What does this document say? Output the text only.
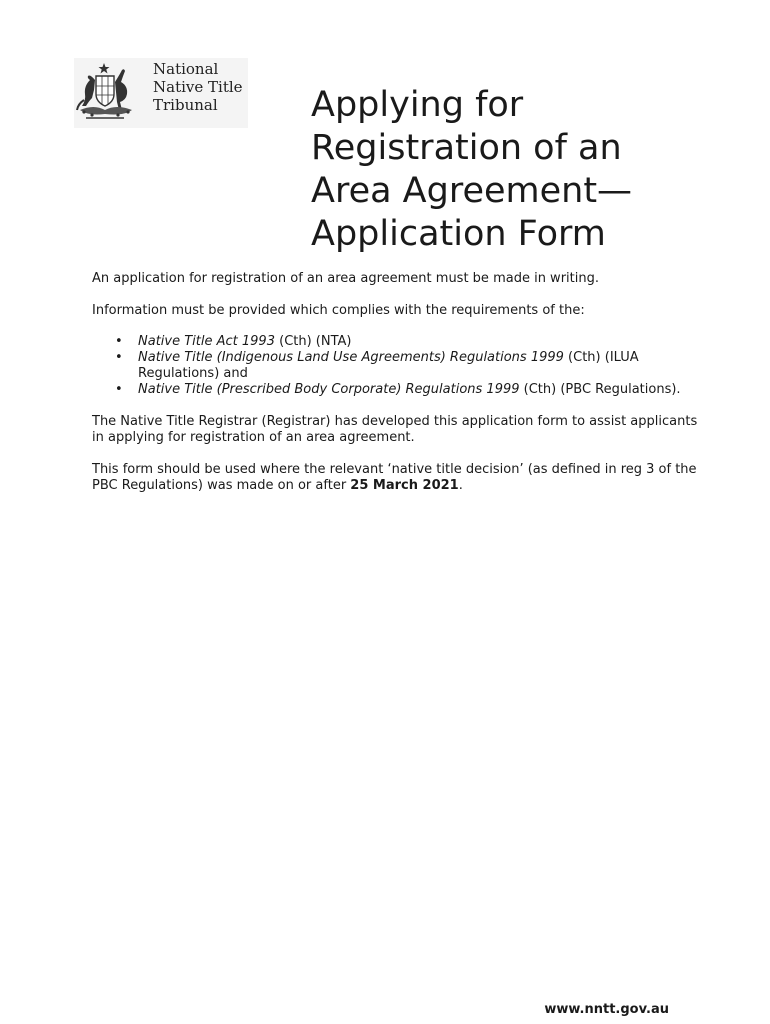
National
Native Title
Tribunal	Applying for
Registration of an
Area Agreement—
Application Form

An application for registration of an area agreement must be made in writing.

Information must be provided which complies with the requirements of the:

• Native Title Act 1993 (Cth) (NTA)
• Native Title (Indigenous Land Use Agreements) Regulations 1999 (Cth) (ILUA Regulations) and
• Native Title (Prescribed Body Corporate) Regulations 1999 (Cth) (PBC Regulations).

The Native Title Registrar (Registrar) has developed this application form to assist applicants in applying for registration of an area agreement.

This form should be used where the relevant ‘native title decision’ (as defined in reg 3 of the PBC Regulations) was made on or after 25 March 2021.

www.nntt.gov.au
